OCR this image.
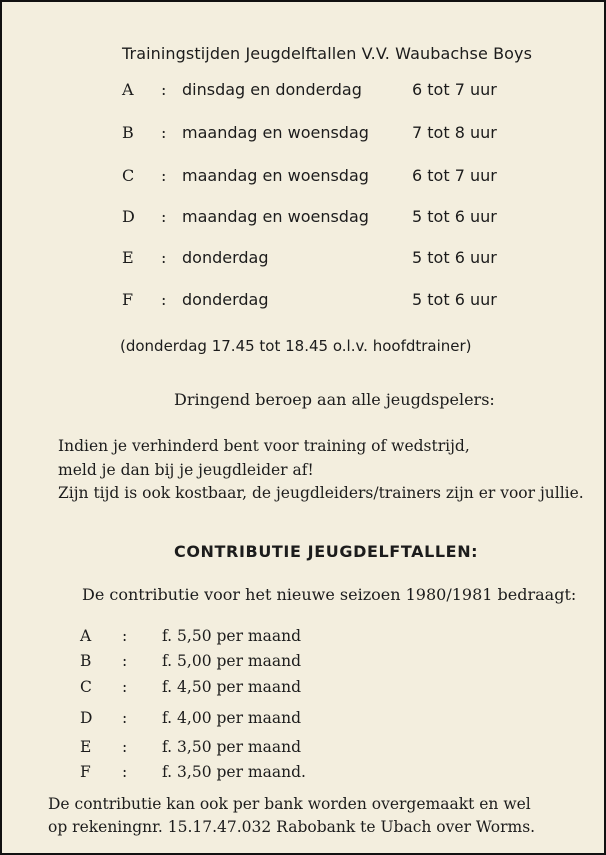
Trainingstijden Jeugdelftallen V.V. Waubachse Boys
A : dinsdag en donderdag	6 tot 7 uur
B : maandag en woensdag	7 tot 8 uur
C : maandag en woensdag	6 tot 7 uur
D : maandag en woensdag	5 tot 6 uur
E : donderdag	5 tot 6 uur
F : donderdag	5 tot 6 uur
(donderdag 17.45 tot 18.45 o.l.v. hoofdtrainer)
Dringend beroep aan alle jeugdspelers:
Indien je verhinderd bent voor training of wedstrijd,
meld je dan bij je jeugdleider af!
Zijn tijd is ook kostbaar, de jeugdleiders/trainers zijn er voor jullie.
CONTRIBUTIE JEUGDELFTALLEN:
De contributie voor het nieuwe seizoen 1980/1981 bedraagt:
A : f. 5,50 per maand
B : f. 5,00 per maand
C : f. 4,50 per maand
D : f. 4,00 per maand
E : f. 3,50 per maand
F : f. 3,50 per maand.
De contributie kan ook per bank worden overgemaakt en wel
op rekeningnr. 15.17.47.032 Rabobank te Ubach over Worms.
